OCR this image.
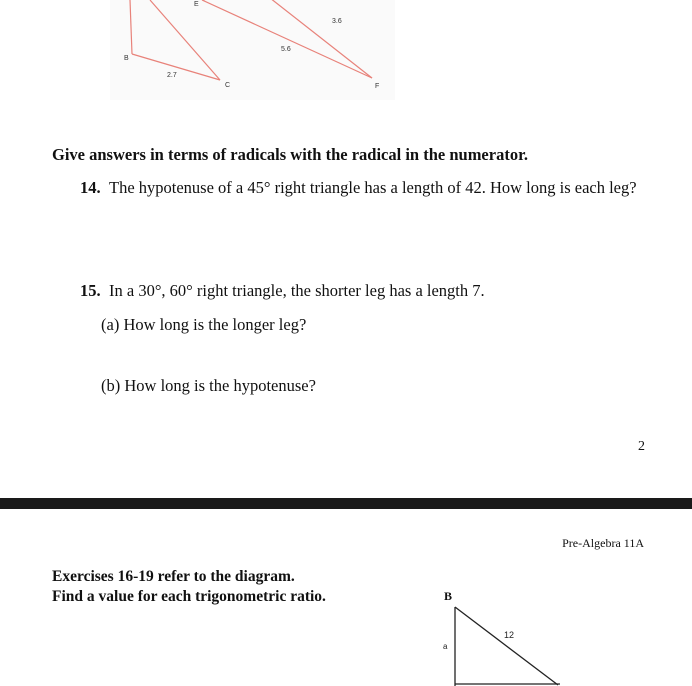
B
C
E
F
2.7
3.6
5.6
Give answers in terms of radicals with the radical in the numerator.
14. The hypotenuse of a 45° right triangle has a length of 42. How long is each leg?
15. In a 30°, 60° right triangle, the shorter leg has a length 7.
(a) How long is the longer leg?
(b) How long is the hypotenuse?
2
Pre-Algebra 11A
Exercises 16-19 refer to the diagram.
Find a value for each trigonometric ratio.	B
a
12
